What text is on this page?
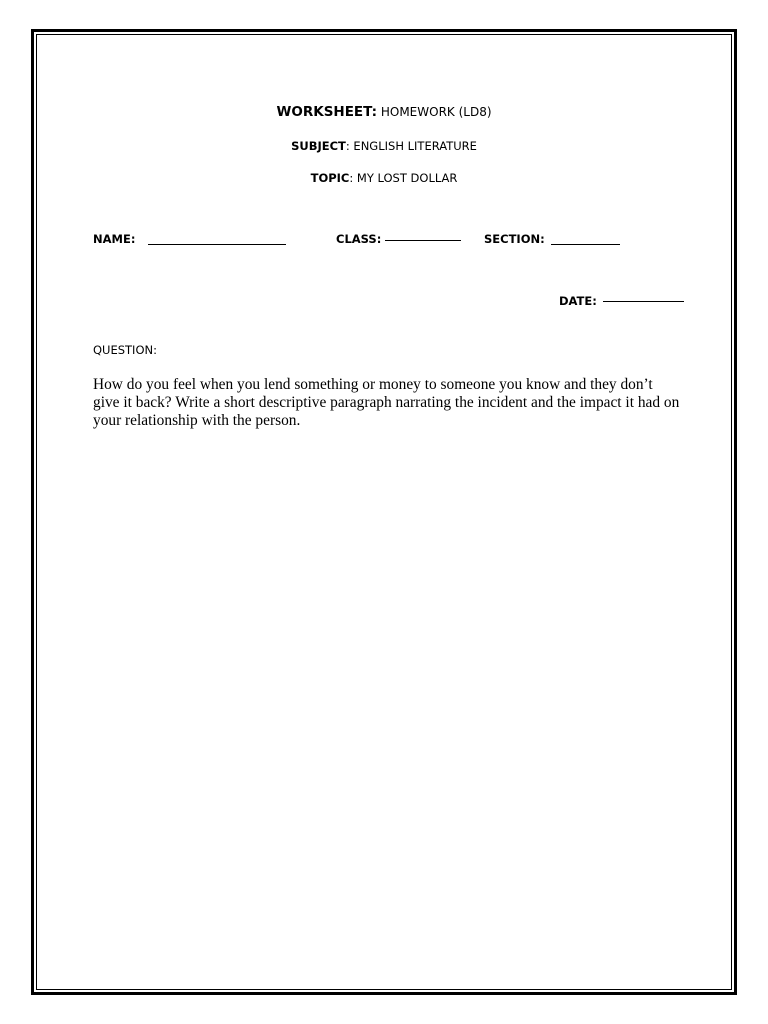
WORKSHEET: HOMEWORK (LD8)
SUBJECT: ENGLISH LITERATURE
TOPIC: MY LOST DOLLAR
NAME:	CLASS:	SECTION:
DATE:
QUESTION:

How do you feel when you lend something or money to someone you know and they don’t give it back? Write a short descriptive paragraph narrating the incident and the impact it had on your relationship with the person.
